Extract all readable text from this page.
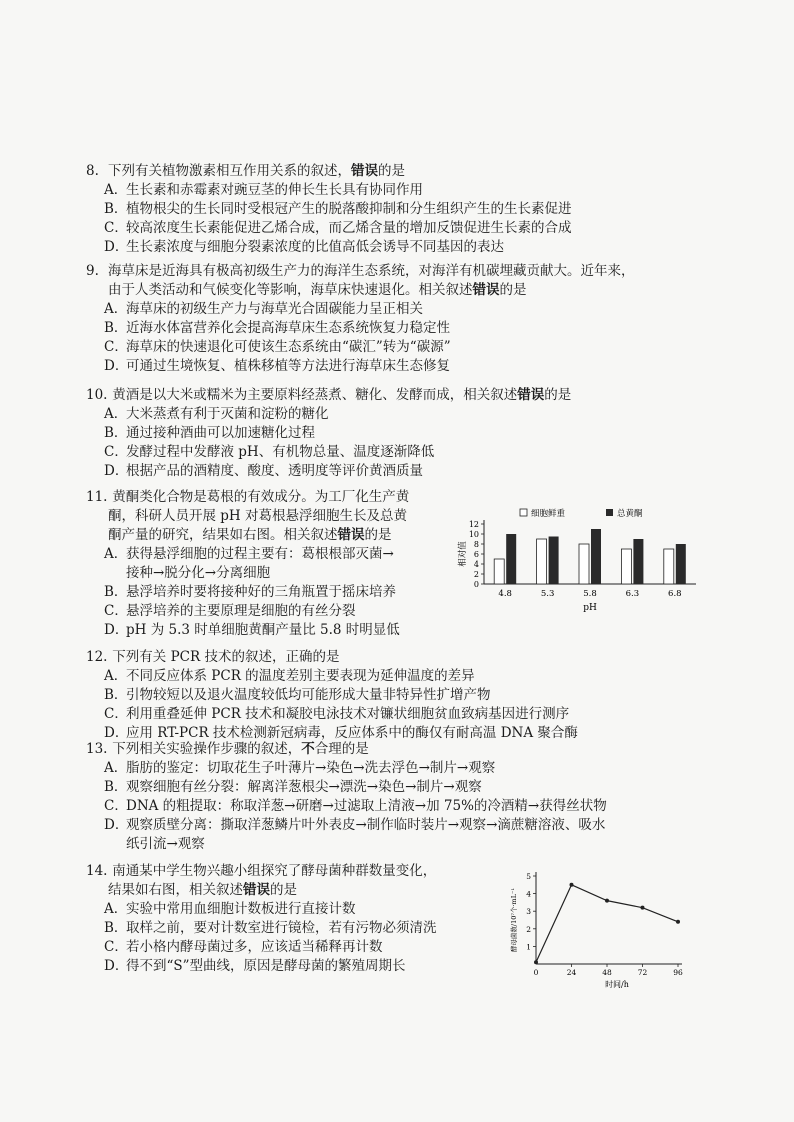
8. 下列有关植物激素相互作用关系的叙述，错误的是
A．生长素和赤霉素对豌豆茎的伸长生长具有协同作用
B．植物根尖的生长同时受根冠产生的脱落酸抑制和分生组织产生的生长素促进
C．较高浓度生长素能促进乙烯合成，而乙烯含量的增加反馈促进生长素的合成
D．生长素浓度与细胞分裂素浓度的比值高低会诱导不同基因的表达
9. 海草床是近海具有极高初级生产力的海洋生态系统，对海洋有机碳埋藏贡献大。近年来，
由于人类活动和气候变化等影响，海草床快速退化。相关叙述错误的是
A．海草床的初级生产力与海草光合固碳能力呈正相关
B．近海水体富营养化会提高海草床生态系统恢复力稳定性
C．海草床的快速退化可使该生态系统由“碳汇”转为“碳源”
D．可通过生境恢复、植株移植等方法进行海草床生态修复
10. 黄酒是以大米或糯米为主要原料经蒸煮、糖化、发酵而成，相关叙述错误的是
A．大米蒸煮有利于灭菌和淀粉的糖化
B．通过接种酒曲可以加速糖化过程
C．发酵过程中发酵液 pH、有机物总量、温度逐渐降低
D．根据产品的酒精度、酸度、透明度等评价黄酒质量
11. 黄酮类化合物是葛根的有效成分。为工厂化生产黄
酮，科研人员开展 pH 对葛根悬浮细胞生长及总黄
酮产量的研究，结果如右图。相关叙述错误的是
A．获得悬浮细胞的过程主要有：葛根根部灭菌→
接种→脱分化→分离细胞
B．悬浮培养时要将接种好的三角瓶置于摇床培养
C．悬浮培养的主要原理是细胞的有丝分裂
D．pH 为 5.3 时单细胞黄酮产量比 5.8 时明显低
细胞鲜重	总黄酮
0
2
4
6
8
10
12
相对值
4.8	5.3	5.8	6.3	6.8
pH
12. 下列有关 PCR 技术的叙述，正确的是
A．不同反应体系 PCR 的温度差别主要表现为延伸温度的差异
B．引物较短以及退火温度较低均可能形成大量非特异性扩增产物
C．利用重叠延伸 PCR 技术和凝胶电泳技术对镰状细胞贫血致病基因进行测序
D．应用 RT-PCR 技术检测新冠病毒，反应体系中的酶仅有耐高温 DNA 聚合酶
13. 下列相关实验操作步骤的叙述，不合理的是
A．脂肪的鉴定：切取花生子叶薄片→染色→洗去浮色→制片→观察
B．观察细胞有丝分裂：解离洋葱根尖→漂洗→染色→制片→观察
C．DNA 的粗提取：称取洋葱→研磨→过滤取上清液→加 75%的冷酒精→获得丝状物
D．观察质壁分离：撕取洋葱鳞片叶外表皮→制作临时装片→观察→滴蔗糖溶液、吸水
纸引流→观察
14. 南通某中学生物兴趣小组探究了酵母菌种群数量变化，
结果如右图，相关叙述错误的是
A．实验中常用血细胞计数板进行直接计数
B．取样之前，要对计数室进行镜检，若有污物必须清洗
C．若小格内酵母菌过多，应该适当稀释再计数
D．得不到“S”型曲线，原因是酵母菌的繁殖周期长
1
2
3
4
5
酵母菌数/10⁷个·mL⁻¹
0	24	48	72	96
时间/h
